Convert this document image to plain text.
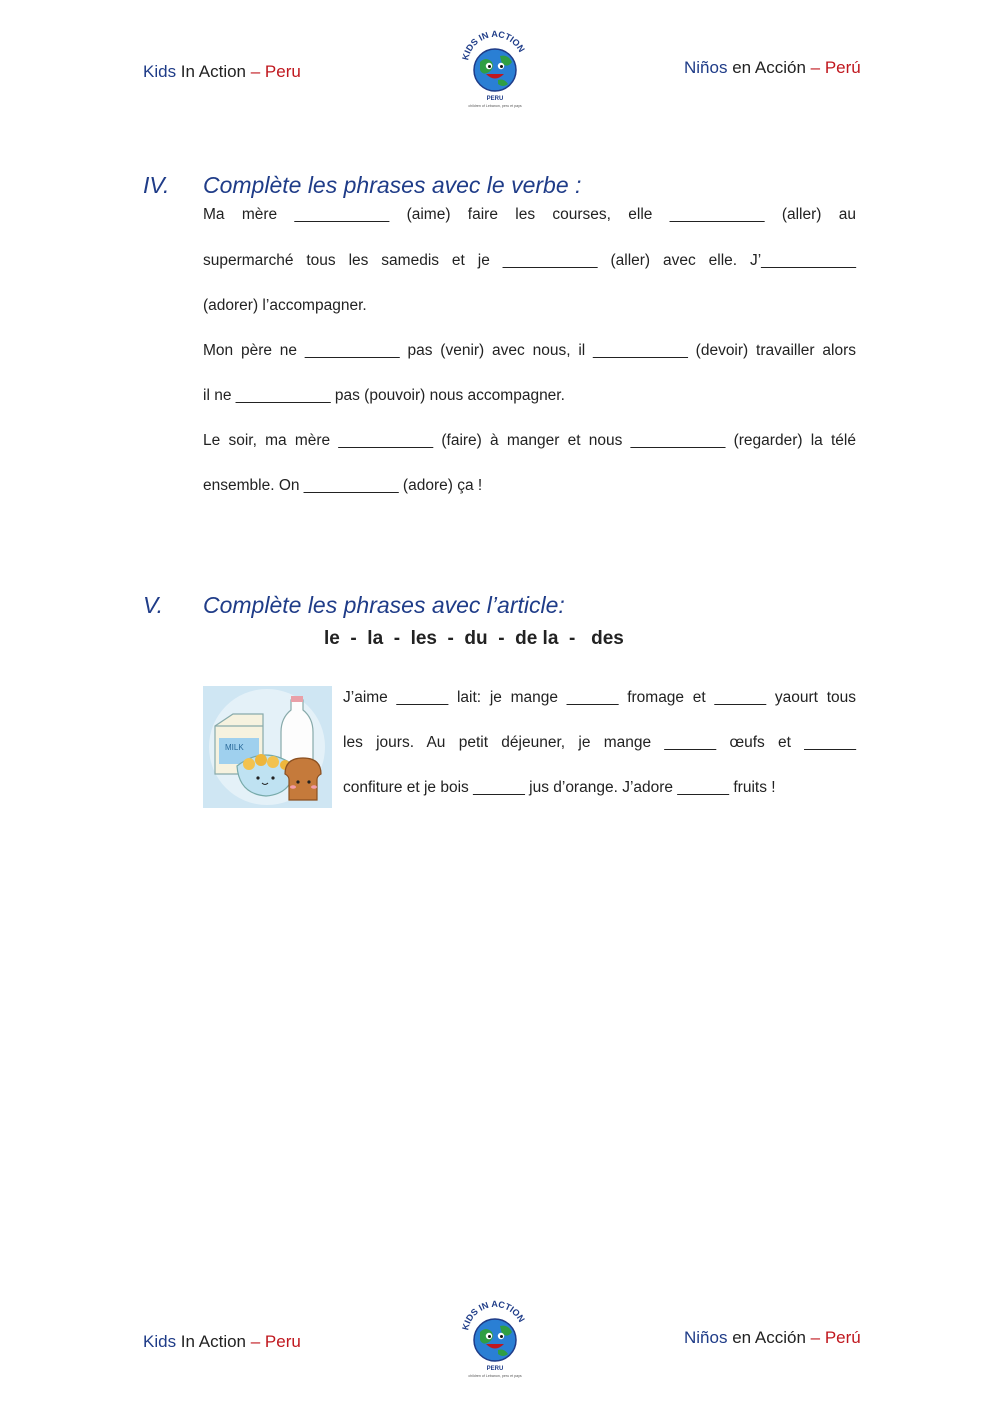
Kids In Action – Peru	Niños en Acción – Perú
KIDS IN ACTION
PERU
children of Lebanon, peru et pays
IV. Complète les phrases avec le verbe :
Ma mère ___________ (aime) faire les courses, elle ___________ (aller) au
supermarché tous les samedis et je ___________ (aller) avec elle. J’___________
(adorer) l’accompagner.
Mon père ne ___________ pas (venir) avec nous, il ___________ (devoir) travailler alors
il ne ___________ pas (pouvoir) nous accompagner.
Le soir, ma mère ___________ (faire) à manger et nous ___________ (regarder) la télé
ensemble. On ___________ (adore) ça !
V. Complète les phrases avec l’article:
le  -  la  -  les  -  du  -  de la  -   des
MILK
J’aime ______ lait: je mange ______ fromage et ______ yaourt tous
les jours. Au petit déjeuner, je mange ______ œufs et ______
confiture et je bois ______ jus d’orange. J’adore ______ fruits !
Kids In Action – Peru	Niños en Acción – Perú
KIDS IN ACTION
PERU
children of Lebanon, peru et pays
